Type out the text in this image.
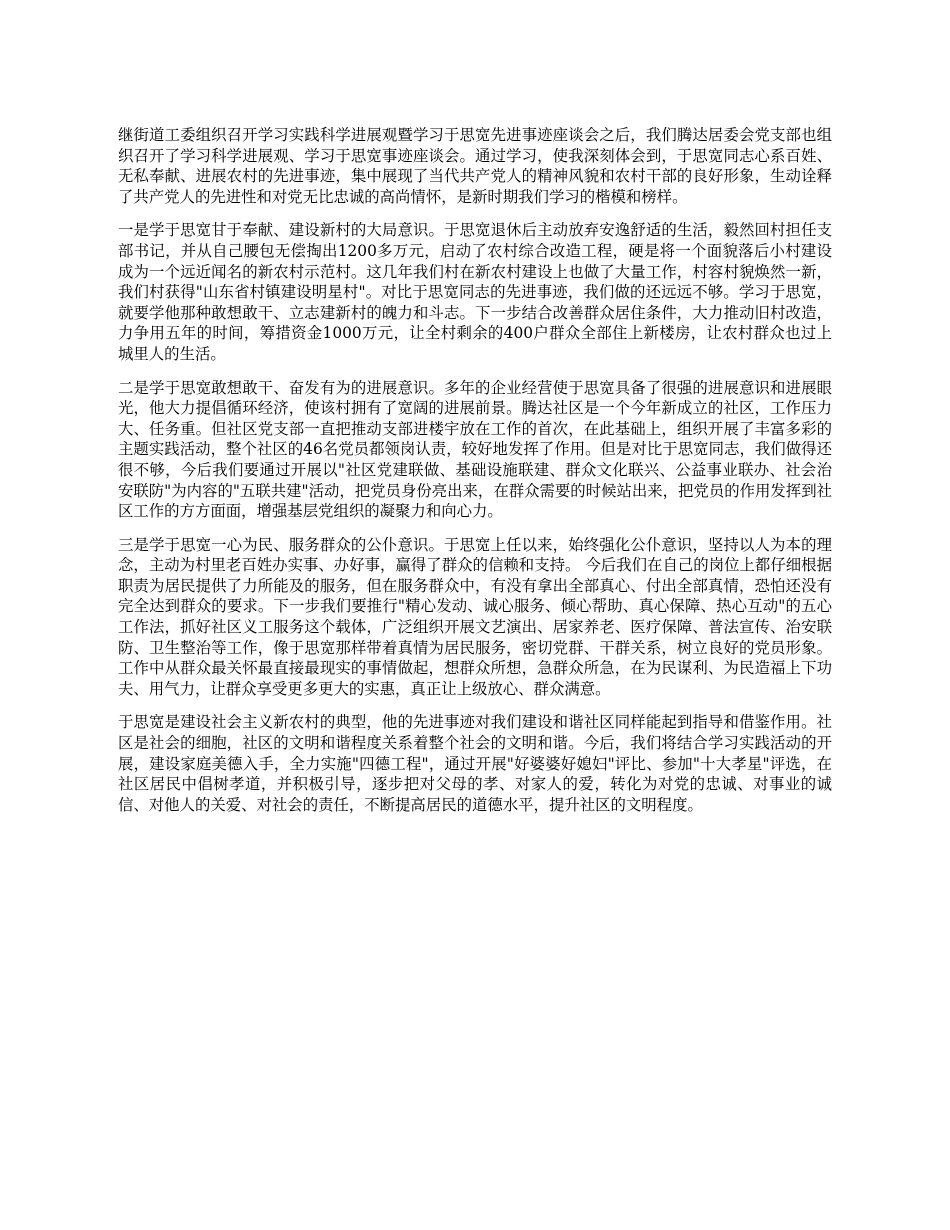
继街道工委组织召开学习实践科学进展观暨学习于思宽先进事迹座谈会之后，我们腾达居委会党支部也组织召开了学习科学进展观、学习于思宽事迹座谈会。通过学习，使我深刻体会到，于思宽同志心系百姓、无私奉献、进展农村的先进事迹，集中展现了当代共产党人的精神风貌和农村干部的良好形象，生动诠释了共产党人的先进性和对党无比忠诚的高尚情怀，是新时期我们学习的楷模和榜样。

一是学于思宽甘于奉献、建设新村的大局意识。于思宽退休后主动放弃安逸舒适的生活，毅然回村担任支部书记，并从自己腰包无偿掏出1200多万元，启动了农村综合改造工程，硬是将一个面貌落后小村建设成为一个远近闻名的新农村示范村。这几年我们村在新农村建设上也做了大量工作，村容村貌焕然一新，我们村获得"山东省村镇建设明星村"。对比于思宽同志的先进事迹，我们做的还远远不够。学习于思宽，就要学他那种敢想敢干、立志建新村的魄力和斗志。下一步结合改善群众居住条件，大力推动旧村改造，力争用五年的时间，筹措资金1000万元，让全村剩余的400户群众全部住上新楼房，让农村群众也过上城里人的生活。

二是学于思宽敢想敢干、奋发有为的进展意识。多年的企业经营使于思宽具备了很强的进展意识和进展眼光，他大力提倡循环经济，使该村拥有了宽阔的进展前景。腾达社区是一个今年新成立的社区，工作压力大、任务重。但社区党支部一直把推动支部进楼宇放在工作的首次，在此基础上，组织开展了丰富多彩的主题实践活动，整个社区的46名党员都领岗认责，较好地发挥了作用。但是对比于思宽同志，我们做得还很不够，今后我们要通过开展以"社区党建联做、基础设施联建、群众文化联兴、公益事业联办、社会治安联防"为内容的"五联共建"活动，把党员身份亮出来，在群众需要的时候站出来，把党员的作用发挥到社区工作的方方面面，增强基层党组织的凝聚力和向心力。

三是学于思宽一心为民、服务群众的公仆意识。于思宽上任以来，始终强化公仆意识，坚持以人为本的理念，主动为村里老百姓办实事、办好事，赢得了群众的信赖和支持。 今后我们在自己的岗位上都仔细根据职责为居民提供了力所能及的服务，但在服务群众中，有没有拿出全部真心、付出全部真情，恐怕还没有完全达到群众的要求。下一步我们要推行"精心发动、诚心服务、倾心帮助、真心保障、热心互动"的五心工作法，抓好社区义工服务这个载体，广泛组织开展文艺演出、居家养老、医疗保障、普法宣传、治安联防、卫生整治等工作，像于思宽那样带着真情为居民服务，密切党群、干群关系，树立良好的党员形象。工作中从群众最关怀最直接最现实的事情做起，想群众所想，急群众所急，在为民谋利、为民造福上下功夫、用气力，让群众享受更多更大的实惠，真正让上级放心、群众满意。

于思宽是建设社会主义新农村的典型，他的先进事迹对我们建设和谐社区同样能起到指导和借鉴作用。社区是社会的细胞，社区的文明和谐程度关系着整个社会的文明和谐。今后，我们将结合学习实践活动的开展，建设家庭美德入手，全力实施"四德工程"，通过开展"好婆婆好媳妇"评比、参加"十大孝星"评选，在社区居民中倡树孝道，并积极引导，逐步把对父母的孝、对家人的爱，转化为对党的忠诚、对事业的诚信、对他人的关爱、对社会的责任，不断提高居民的道德水平，提升社区的文明程度。
